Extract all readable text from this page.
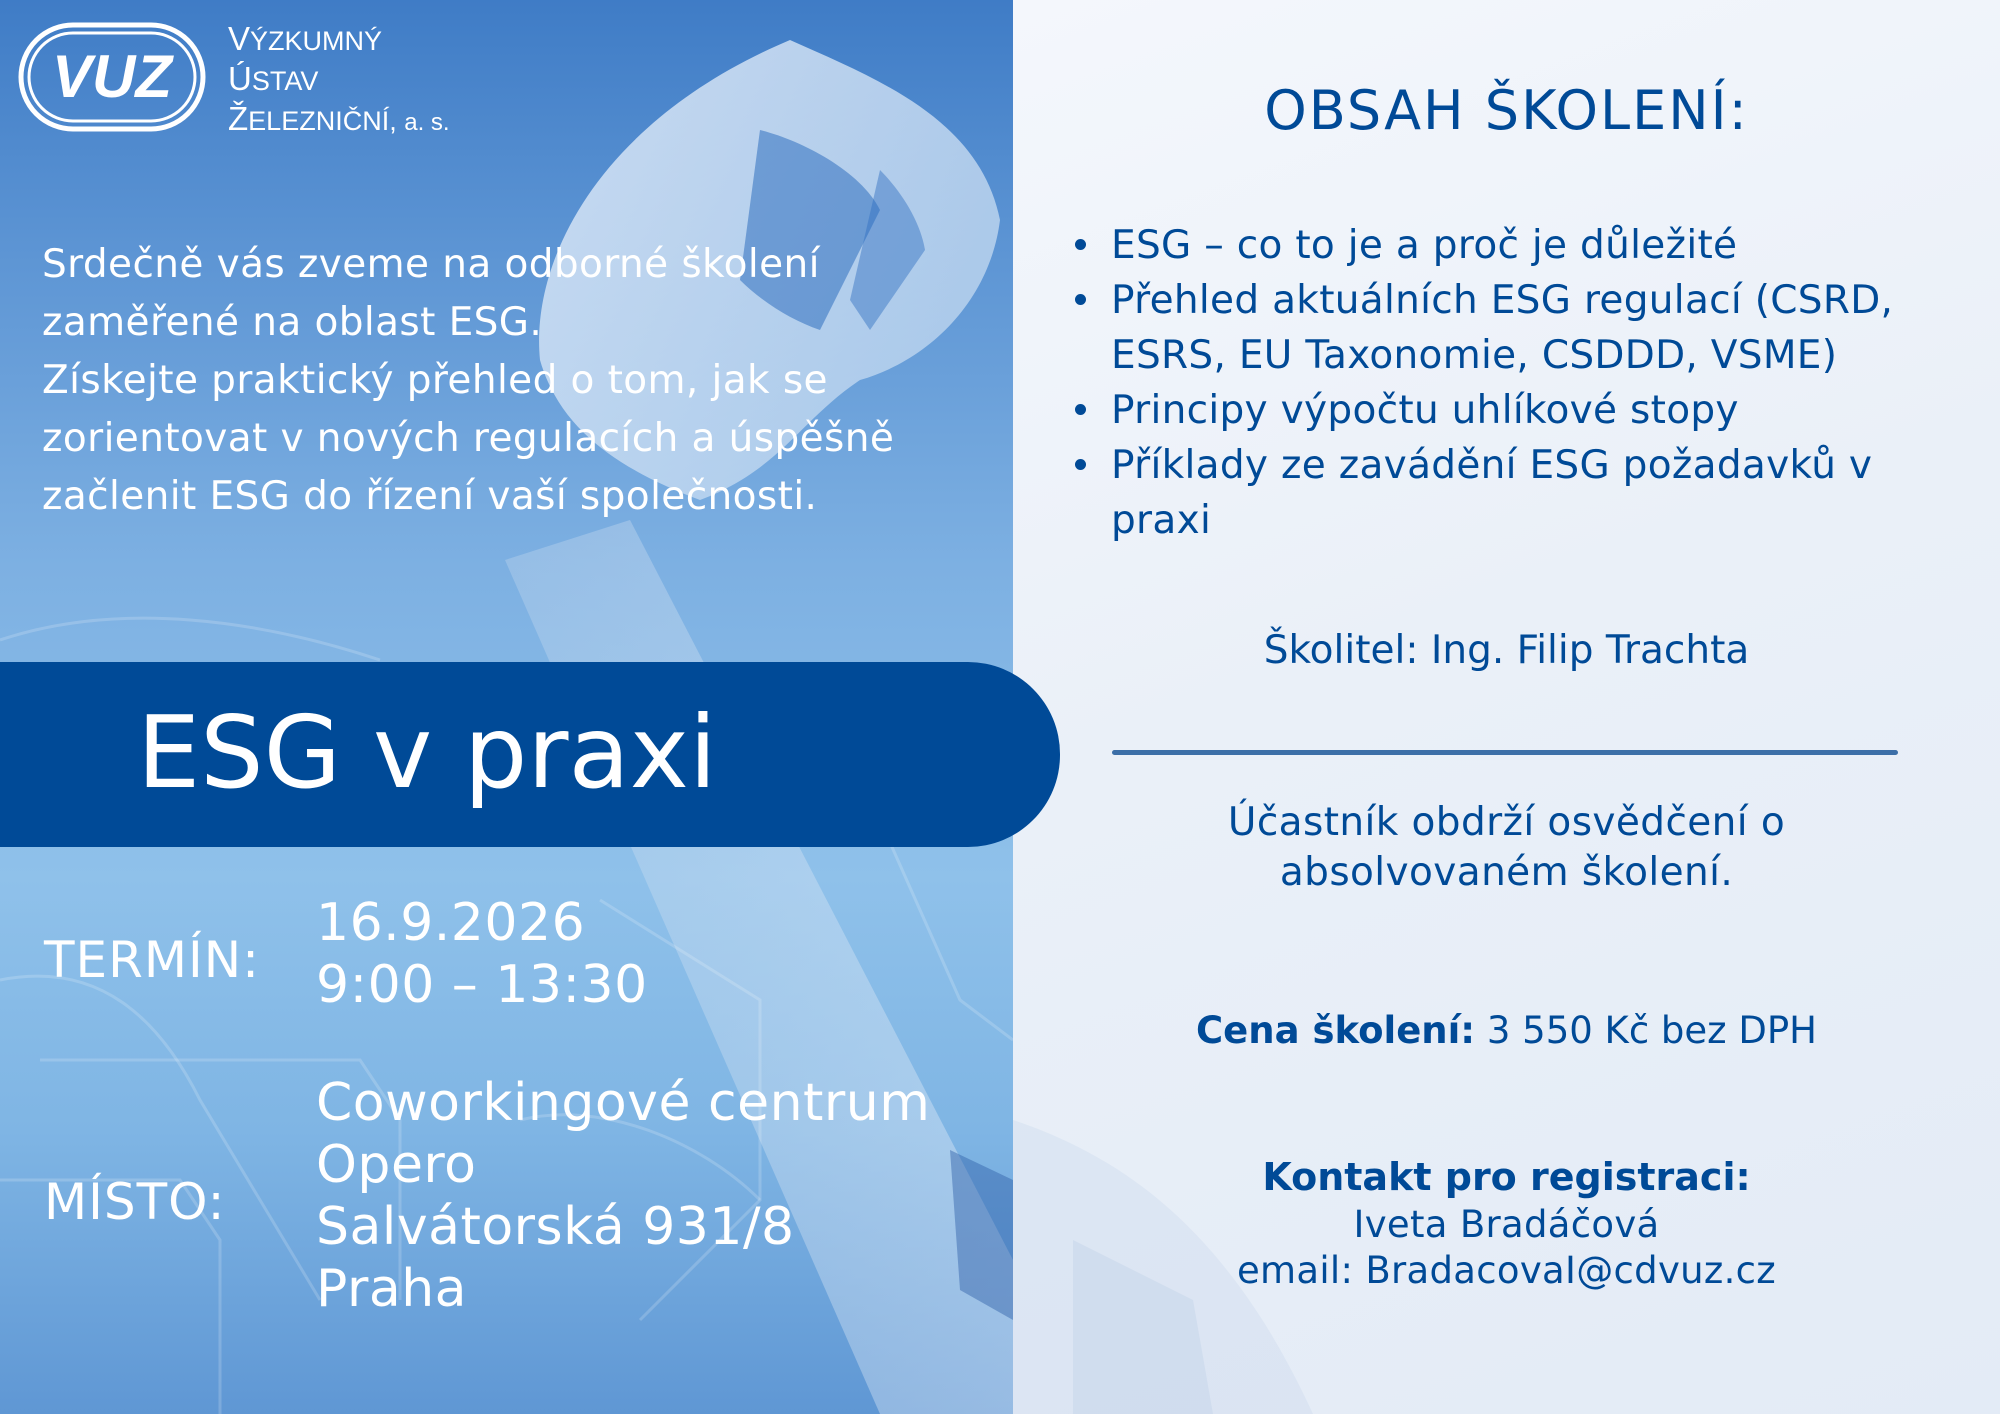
VUZ
VÝZKUMNÝ
ÚSTAV
ŽELEZNIČNÍ, a. s.

Srdečně vás zveme na odborné školení zaměřené na oblast ESG.

Získejte praktický přehled o tom, jak se zorientovat v nových regulacích a úspěšně začlenit ESG do řízení vaší společnosti.

TERMÍN:
16.9.2026
9:00 – 13:30
MÍSTO:
Coworkingové centrum
Opero
Salvátorská 931/8
Praha
OBSAH ŠKOLENÍ:
ESG – co to je a proč je důležité
Přehled aktuálních ESG regulací (CSRD, ESRS, EU Taxonomie, CSDDD, VSME)
Principy výpočtu uhlíkové stopy
Příklady ze zavádění ESG požadavků v praxi
Školitel: Ing. Filip Trachta
Účastník obdrží osvědčení o
absolvovaném školení.
Cena školení: 3 550 Kč bez DPH
Kontakt pro registraci:
Iveta Bradáčová
email: BradacovaI@cdvuz.cz
ESG v praxi
